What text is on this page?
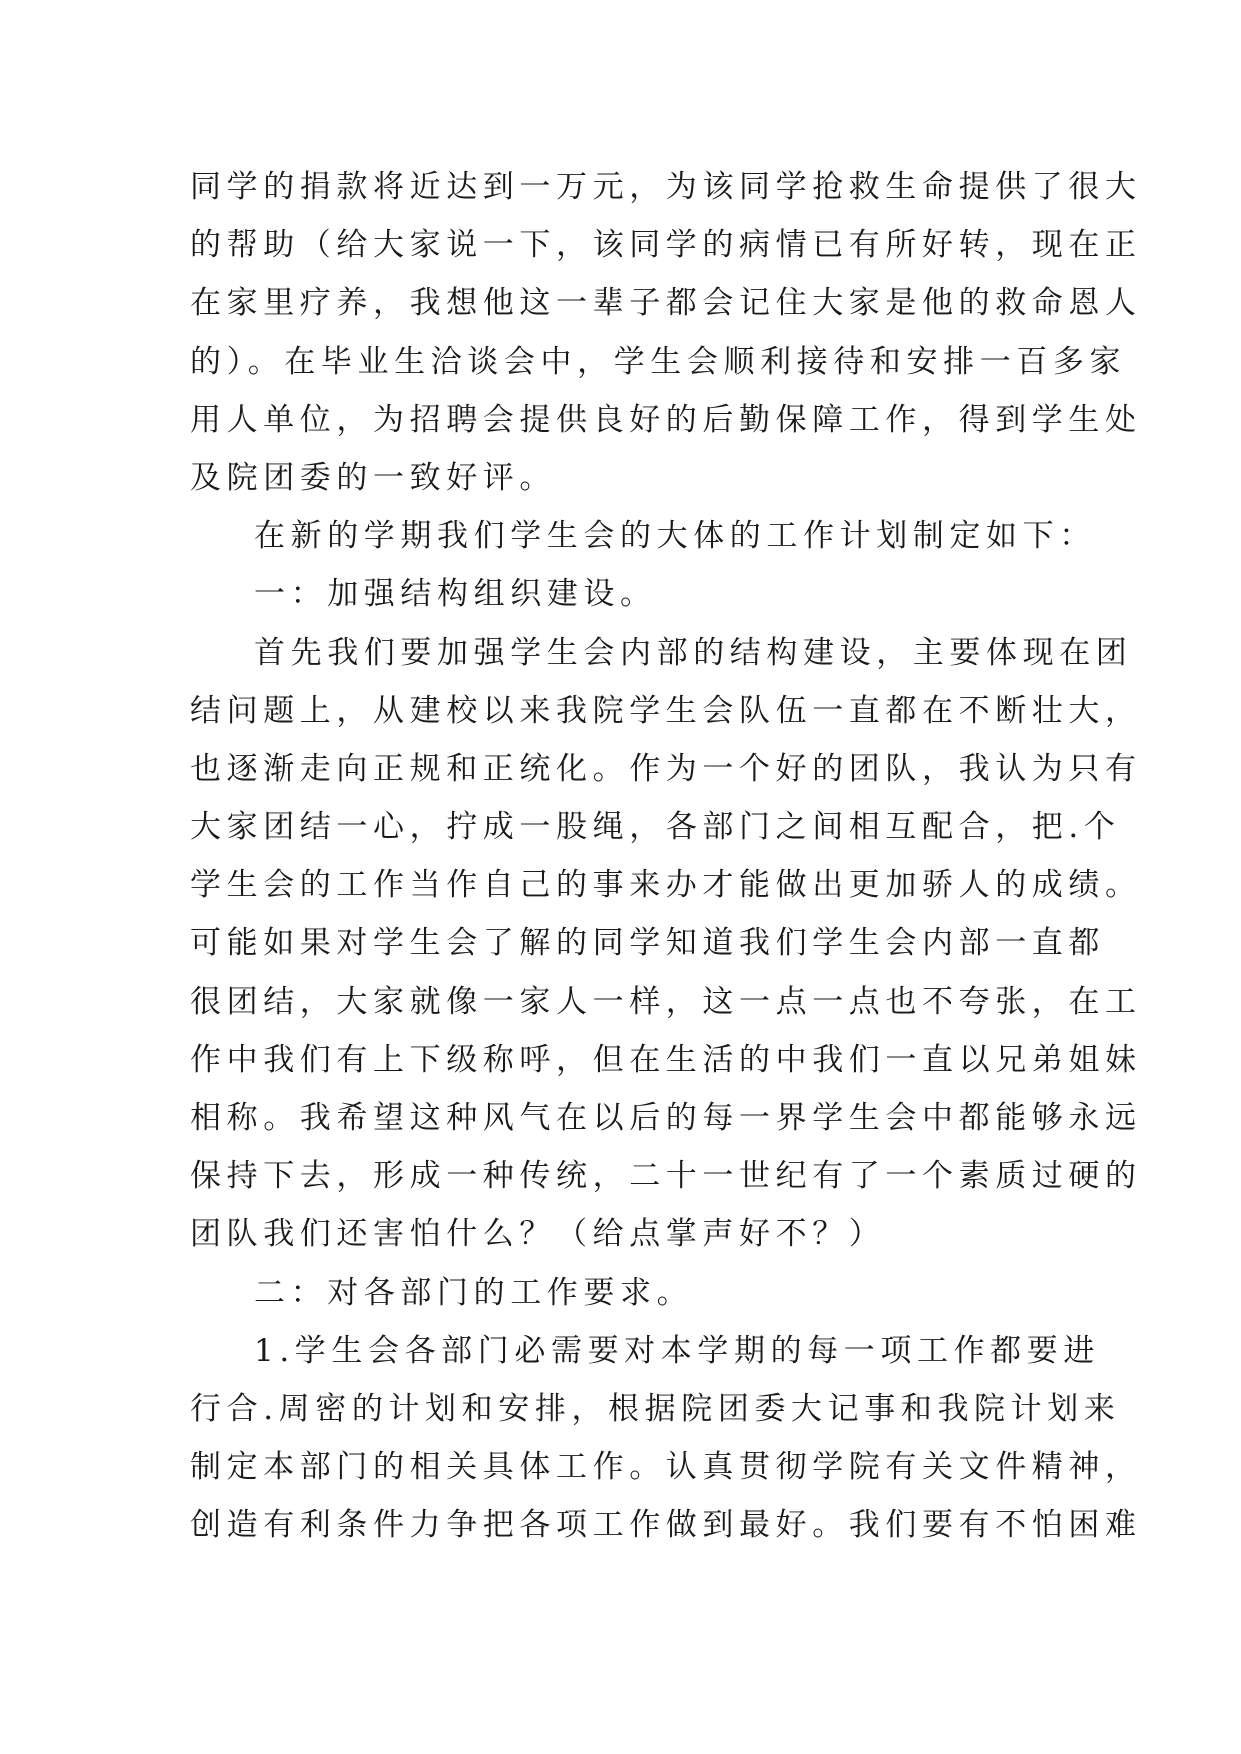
同学的捐款将近达到一万元，为该同学抢救生命提供了很大
的帮助（给大家说一下，该同学的病情已有所好转，现在正
在家里疗养，我想他这一辈子都会记住大家是他的救命恩人
的）。在毕业生洽谈会中，学生会顺利接待和安排一百多家
用人单位，为招聘会提供良好的后勤保障工作，得到学生处
及院团委的一致好评。
在新的学期我们学生会的大体的工作计划制定如下：
一：加强结构组织建设。
首先我们要加强学生会内部的结构建设，主要体现在团
结问题上，从建校以来我院学生会队伍一直都在不断壮大，
也逐渐走向正规和正统化。作为一个好的团队，我认为只有
大家团结一心，拧成一股绳，各部门之间相互配合，把.个
学生会的工作当作自己的事来办才能做出更加骄人的成绩。
可能如果对学生会了解的同学知道我们学生会内部一直都
很团结，大家就像一家人一样，这一点一点也不夸张，在工
作中我们有上下级称呼，但在生活的中我们一直以兄弟姐妹
相称。我希望这种风气在以后的每一界学生会中都能够永远
保持下去，形成一种传统，二十一世纪有了一个素质过硬的
团队我们还害怕什么？（给点掌声好不？）
二：对各部门的工作要求。
1.学生会各部门必需要对本学期的每一项工作都要进
行合.周密的计划和安排，根据院团委大记事和我院计划来
制定本部门的相关具体工作。认真贯彻学院有关文件精神，
创造有利条件力争把各项工作做到最好。我们要有不怕困难
